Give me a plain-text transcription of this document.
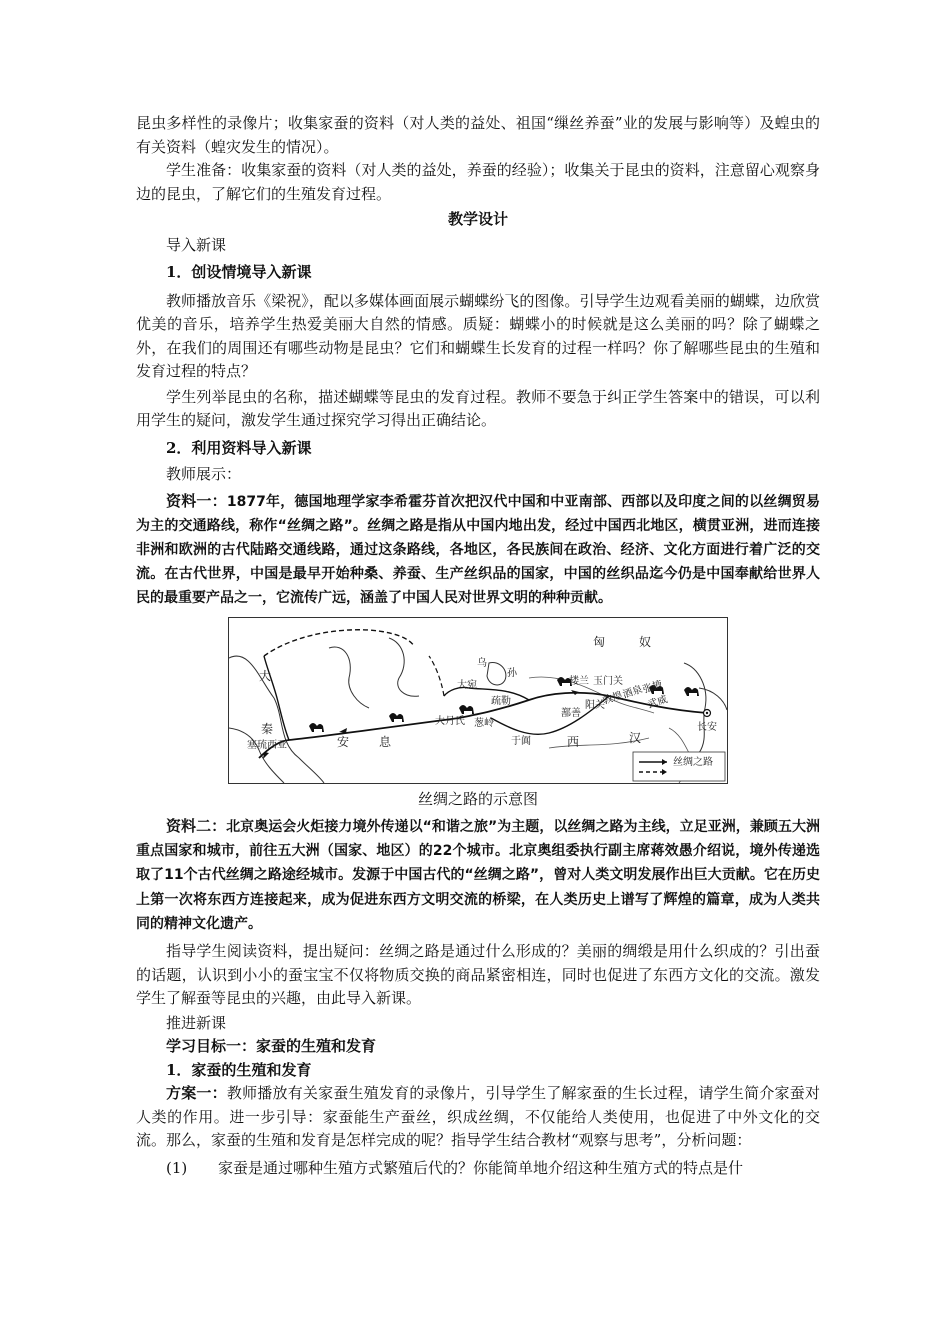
昆虫多样性的录像片；收集家蚕的资料（对人类的益处、祖国“缫丝养蚕”业的发展与影响等）及蝗虫的有关资料（蝗灾发生的情况）。

学生准备：收集家蚕的资料（对人类的益处，养蚕的经验）；收集关于昆虫的资料，注意留心观察身边的昆虫，了解它们的生殖发育过程。

教学设计

导入新课

1．创设情境导入新课

教师播放音乐《梁祝》，配以多媒体画面展示蝴蝶纷飞的图像。引导学生边观看美丽的蝴蝶，边欣赏优美的音乐，培养学生热爱美丽大自然的情感。质疑：蝴蝶小的时候就是这么美丽的吗？除了蝴蝶之外，在我们的周围还有哪些动物是昆虫？它们和蝴蝶生长发育的过程一样吗？你了解哪些昆虫的生殖和发育过程的特点？

学生列举昆虫的名称，描述蝴蝶等昆虫的发育过程。教师不要急于纠正学生答案中的错误，可以利用学生的疑问，激发学生通过探究学习得出正确结论。

2．利用资料导入新课

教师展示：

资料一：1877年，德国地理学家李希霍芬首次把汉代中国和中亚南部、西部以及印度之间的以丝绸贸易为主的交通路线，称作“丝绸之路”。丝绸之路是指从中国内地出发，经过中国西北地区，横贯亚洲，进而连接非洲和欧洲的古代陆路交通线路，通过这条路线，各地区，各民族间在政治、经济、文化方面进行着广泛的交流。在古代世界，中国是最早开始种桑、养蚕、生产丝织品的国家，中国的丝织品迄今仍是中国奉献给世界人民的最重要产品之一，它流传广远，涵盖了中国人民对世界文明的种种贡献。

匈	奴
大
秦
乌
孙
大宛
疏勒
楼兰 玉门关
敦煌
酒泉
张掖
武威
阳关
鄯善
大月氏 葱岭
于阗	西
安 息	汉
塞琉西亚
长安
丝绸之路

丝绸之路的示意图

资料二：北京奥运会火炬接力境外传递以“和谐之旅”为主题，以丝绸之路为主线，立足亚洲，兼顾五大洲重点国家和城市，前往五大洲（国家、地区）的22个城市。北京奥组委执行副主席蒋效愚介绍说，境外传递选取了11个古代丝绸之路途经城市。发源于中国古代的“丝绸之路”，曾对人类文明发展作出巨大贡献。它在历史上第一次将东西方连接起来，成为促进东西方文明交流的桥梁，在人类历史上谱写了辉煌的篇章，成为人类共同的精神文化遗产。

指导学生阅读资料，提出疑问：丝绸之路是通过什么形成的？美丽的绸缎是用什么织成的？引出蚕的话题，认识到小小的蚕宝宝不仅将物质交换的商品紧密相连，同时也促进了东西方文化的交流。激发学生了解蚕等昆虫的兴趣，由此导入新课。

推进新课

学习目标一：家蚕的生殖和发育

1．家蚕的生殖和发育

方案一：教师播放有关家蚕生殖发育的录像片，引导学生了解家蚕的生长过程，请学生简介家蚕对人类的作用。进一步引导：家蚕能生产蚕丝，织成丝绸，不仅能给人类使用，也促进了中外文化的交流。那么，家蚕的生殖和发育是怎样完成的呢？指导学生结合教材“观察与思考”，分析问题：

(1)	家蚕是通过哪种生殖方式繁殖后代的？你能简单地介绍这种生殖方式的特点是什
